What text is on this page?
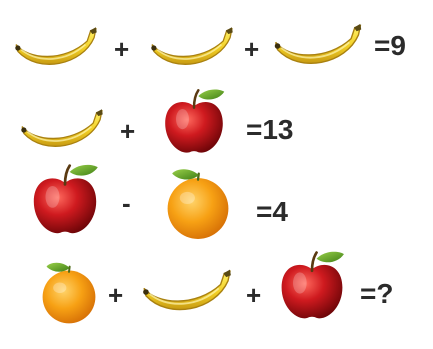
+	+	=9
+	=13
-	=4
+	+	=?
